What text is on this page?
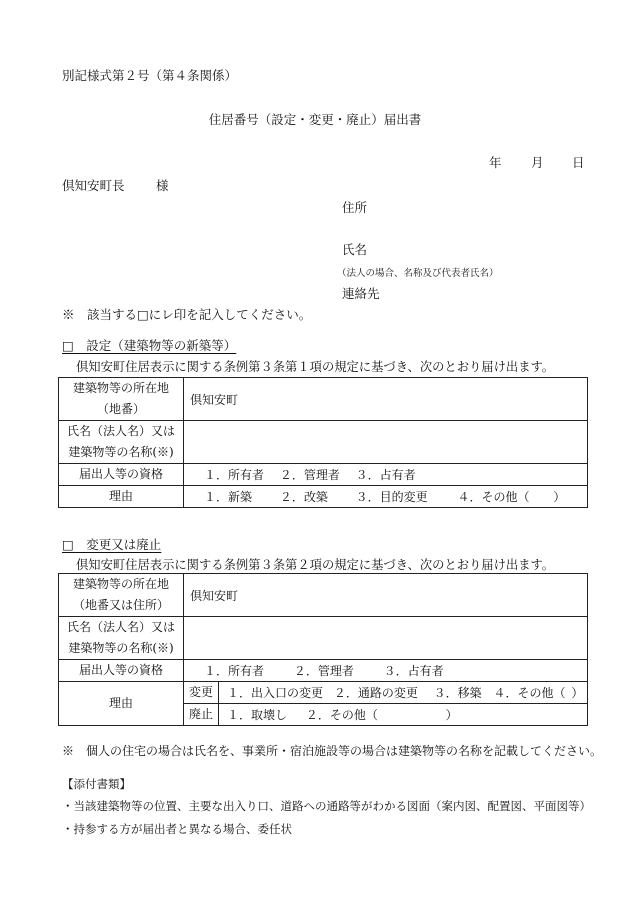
別記様式第２号（第４条関係）
住居番号（設定・変更・廃止）届出書
年 月 日
倶知安町長	様
住所
氏名
（法人の場合、名称及び代表者氏名）
連絡先
※　該当する□にレ印を記入してください。
□　設定（建築物等の新築等）
倶知安町住居表示に関する条例第３条第１項の規定に基づき、次のとおり届け出ます。
建築物等の所在地
（地番）	倶知安町

氏名（法人名）又は
建築物等の名称(※)	

届出人等の資格	１．所有者 ２．管理者 ３．占有者
理由	１．新築 ２．改築 ３．目的変更 ４．その他（ ）
□　変更又は廃止
倶知安町住居表示に関する条例第３条第２項の規定に基づき、次のとおり届け出ます。
建築物等の所在地
（地番又は住所）	倶知安町	

氏名（法人名）又は
建築物等の名称(※)		

届出人等の資格	１．所有者 ２．管理者 ３．占有者	
理由	変更	１．出入口の変更 ２．通路の変更 ３．移築 ４．その他（ ）
	廃止	１．取壊し ２．その他（ ）
※　個人の住宅の場合は氏名を、事業所・宿泊施設等の場合は建築物等の名称を記載してください。
【添付書類】
・当該建築物等の位置、主要な出入り口、道路への通路等がわかる図面（案内図、配置図、平面図等）
・持参する方が届出者と異なる場合、委任状
